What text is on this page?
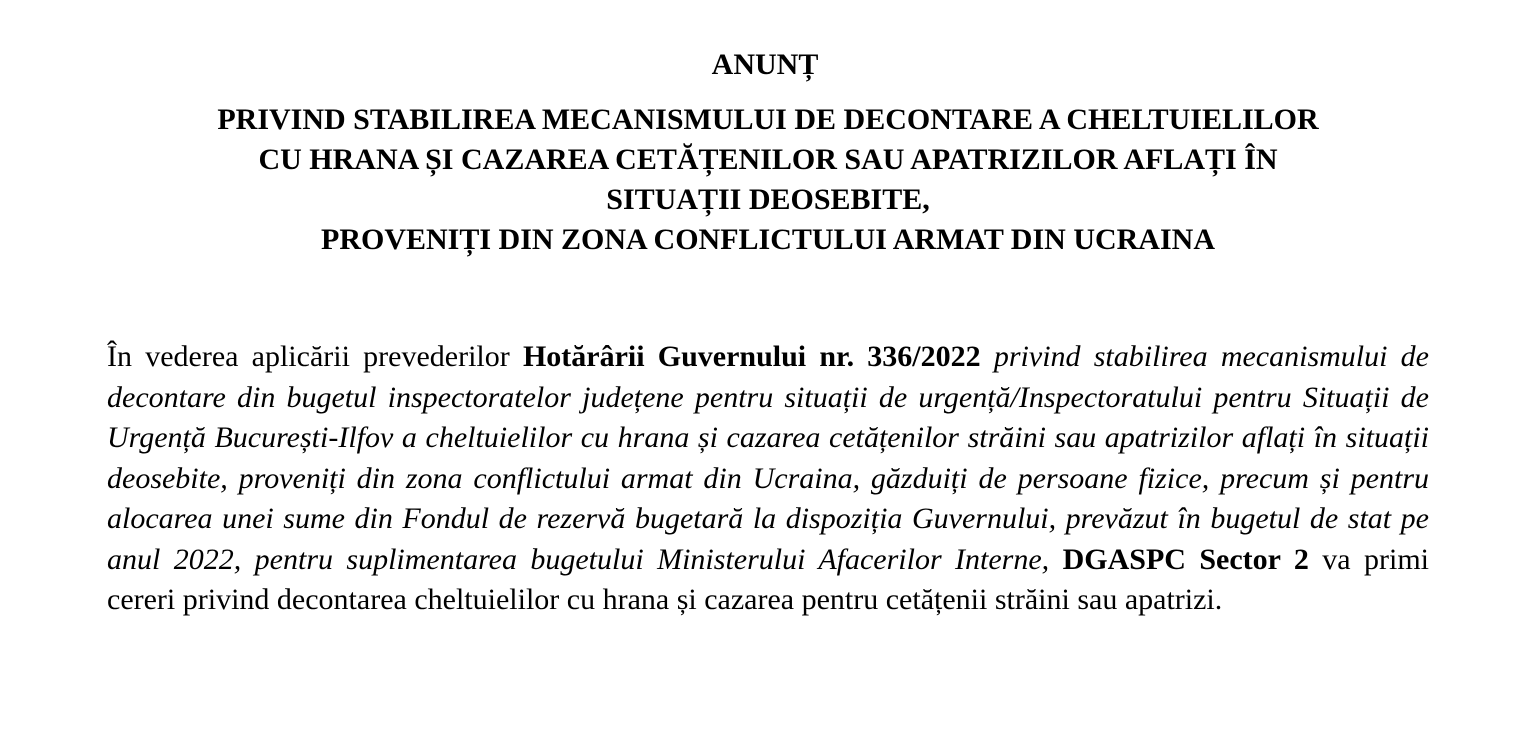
ANUNȚ
PRIVIND STABILIREA MECANISMULUI DE DECONTARE A CHELTUIELILOR
CU HRANA ȘI CAZAREA CETĂȚENILOR SAU APATRIZILOR AFLAȚI ÎN
SITUAȚII DEOSEBITE,
PROVENIȚI DIN ZONA CONFLICTULUI ARMAT DIN UCRAINA

În vederea aplicării prevederilor Hotărârii Guvernului nr. 336/2022 privind stabilirea mecanismului de decontare din bugetul inspectoratelor județene pentru situații de urgență/Inspectoratului pentru Situații de Urgență București-Ilfov a cheltuielilor cu hrana și cazarea cetățenilor străini sau apatrizilor aflați în situații deosebite, proveniți din zona conflictului armat din Ucraina, găzduiți de persoane fizice, precum și pentru alocarea unei sume din Fondul de rezervă bugetară la dispoziția Guvernului, prevăzut în bugetul de stat pe anul 2022, pentru suplimentarea bugetului Ministerului Afacerilor Interne, DGASPC Sector 2 va primi cereri privind decontarea cheltuielilor cu hrana și cazarea pentru cetățenii străini sau apatrizi.
